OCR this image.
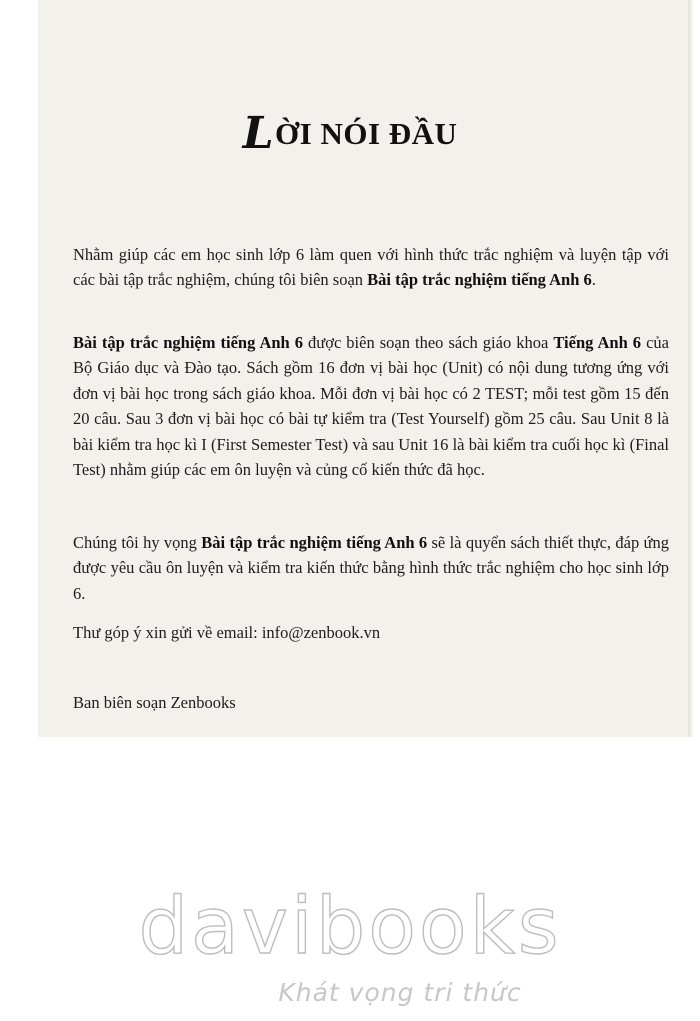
LỜI NÓI ĐẦU

Nhằm giúp các em học sinh lớp 6 làm quen với hình thức trắc nghiệm và luyện tập với các bài tập trắc nghiệm, chúng tôi biên soạn Bài tập trắc nghiệm tiếng Anh 6.

Bài tập trắc nghiệm tiếng Anh 6 được biên soạn theo sách giáo khoa Tiếng Anh 6 của Bộ Giáo dục và Đào tạo. Sách gồm 16 đơn vị bài học (Unit) có nội dung tương ứng với đơn vị bài học trong sách giáo khoa. Mỗi đơn vị bài học có 2 TEST; mỗi test gồm 15 đến 20 câu. Sau 3 đơn vị bài học có bài tự kiểm tra (Test Yourself) gồm 25 câu. Sau Unit 8 là bài kiểm tra học kì I (First Semester Test) và sau Unit 16 là bài kiểm tra cuối học kì (Final Test) nhằm giúp các em ôn luyện và củng cố kiến thức đã học.

Chúng tôi hy vọng Bài tập trắc nghiệm tiếng Anh 6 sẽ là quyển sách thiết thực, đáp ứng được yêu cầu ôn luyện và kiểm tra kiến thức bằng hình thức trắc nghiệm cho học sinh lớp 6.

Thư góp ý xin gửi về email: info@zenbook.vn

Ban biên soạn Zenbooks

davibooks
Khát vọng tri thức
